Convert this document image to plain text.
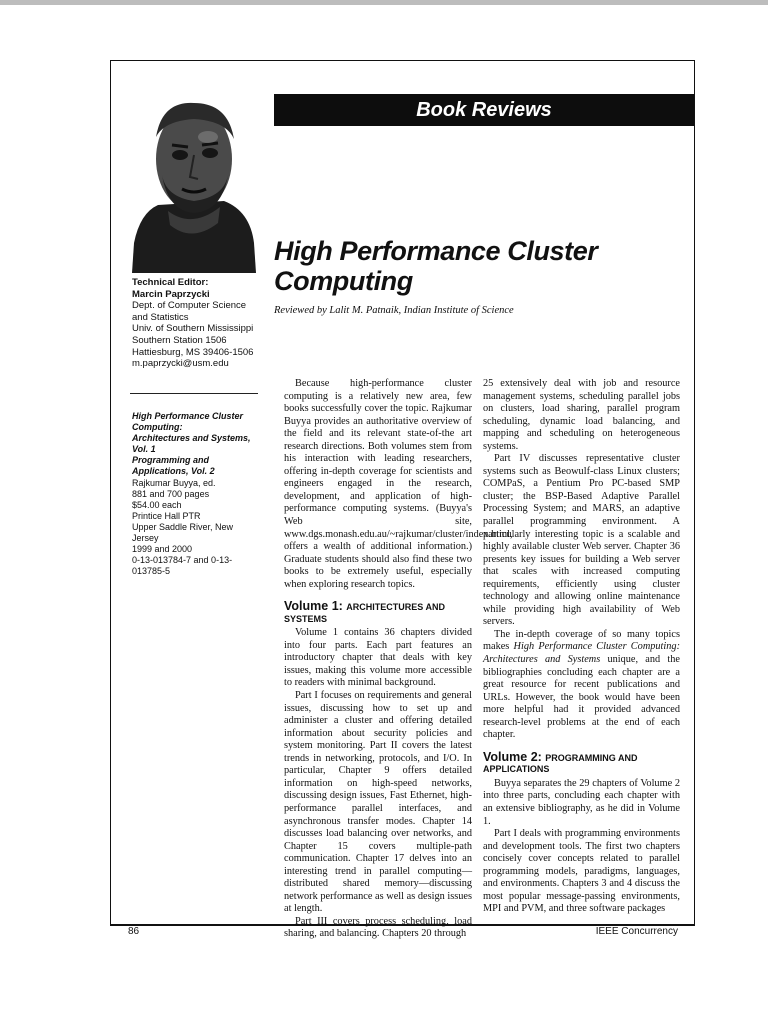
Book Reviews
Technical Editor:
Marcin Paprzycki
Dept. of Computer Science and Statistics
Univ. of Southern Mississippi
Southern Station 1506
Hattiesburg, MS 39406-1506
m.paprzycki@usm.edu
High Performance Cluster Computing
Reviewed by Lalit M. Patnaik, Indian Institute of Science
High Performance Cluster Computing:
Architectures and Systems, Vol. 1
Programming and Applications, Vol. 2
Rajkumar Buyya, ed.
881 and 700 pages
$54.00 each
Printice Hall PTR
Upper Saddle River, New Jersey
1999 and 2000
0-13-013784-7 and 0-13-013785-5

Because high-performance cluster computing is a relatively new area, few books successfully cover the topic. Rajkumar Buyya provides an authoritative overview of the field and its relevant state-of-the art research directions. Both volumes stem from his interaction with leading researchers, offering in-depth coverage for scientists and engineers engaged in the research, development, and application of high-performance computing systems. (Buyya's Web site, www.dgs.monash.edu.au/~rajkumar/cluster/index.html, offers a wealth of additional information.) Graduate students should also find these two books to be extremely useful, especially when exploring research topics.

Volume 1: ARCHITECTURES AND SYSTEMS

Volume 1 contains 36 chapters divided into four parts. Each part features an introductory chapter that deals with key issues, making this volume more accessible to readers with minimal background.

Part I focuses on requirements and general issues, discussing how to set up and administer a cluster and offering detailed information about security policies and system monitoring. Part II covers the latest trends in networking, protocols, and I/O. In particular, Chapter 9 offers detailed information on high-speed networks, discussing design issues, Fast Ethernet, high-performance parallel interfaces, and asynchronous transfer modes. Chapter 14 discusses load balancing over networks, and Chapter 15 covers multiple-path communication. Chapter 17 delves into an interesting trend in parallel computing—distributed shared memory—discussing network performance as well as design issues at length.

Part III covers process scheduling, load sharing, and balancing. Chapters 20 through

25 extensively deal with job and resource management systems, scheduling parallel jobs on clusters, load sharing, parallel program scheduling, dynamic load balancing, and mapping and scheduling on heterogeneous systems.

Part IV discusses representative cluster systems such as Beowulf-class Linux clusters; COMPaS, a Pentium Pro PC-based SMP cluster; the BSP-Based Adaptive Parallel Processing System; and MARS, an adaptive parallel programming environment. A particularly interesting topic is a scalable and highly available cluster Web server. Chapter 36 presents key issues for building a Web server that scales with increased computing requirements, efficiently using cluster technology and allowing online maintenance while providing high availability of Web servers.

The in-depth coverage of so many topics makes High Performance Cluster Computing: Architectures and Systems unique, and the bibliographies concluding each chapter are a great resource for recent publications and URLs. However, the book would have been more helpful had it provided advanced research-level problems at the end of each chapter.

Volume 2: PROGRAMMING AND APPLICATIONS

Buyya separates the 29 chapters of Volume 2 into three parts, concluding each chapter with an extensive bibliography, as he did in Volume 1.

Part I deals with programming environments and development tools. The first two chapters concisely cover concepts related to parallel programming models, paradigms, languages, and environments. Chapters 3 and 4 discuss the most popular message-passing environments, MPI and PVM, and three software packages

86	IEEE Concurrency
